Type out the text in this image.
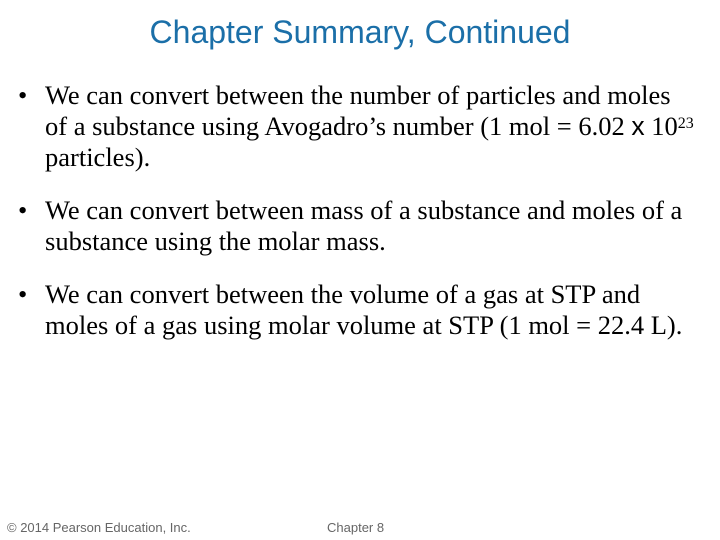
Chapter Summary, Continued
• We can convert between the number of particles and moles of a substance using Avogadro’s number (1 mol = 6.02 x $10^{23}$ particles).
• We can convert between mass of a substance and moles of a substance using the molar mass.
• We can convert between the volume of a gas at STP and moles of a gas using molar volume at STP (1 mol = 22.4 L).
© 2014 Pearson Education, Inc.	Chapter 8
